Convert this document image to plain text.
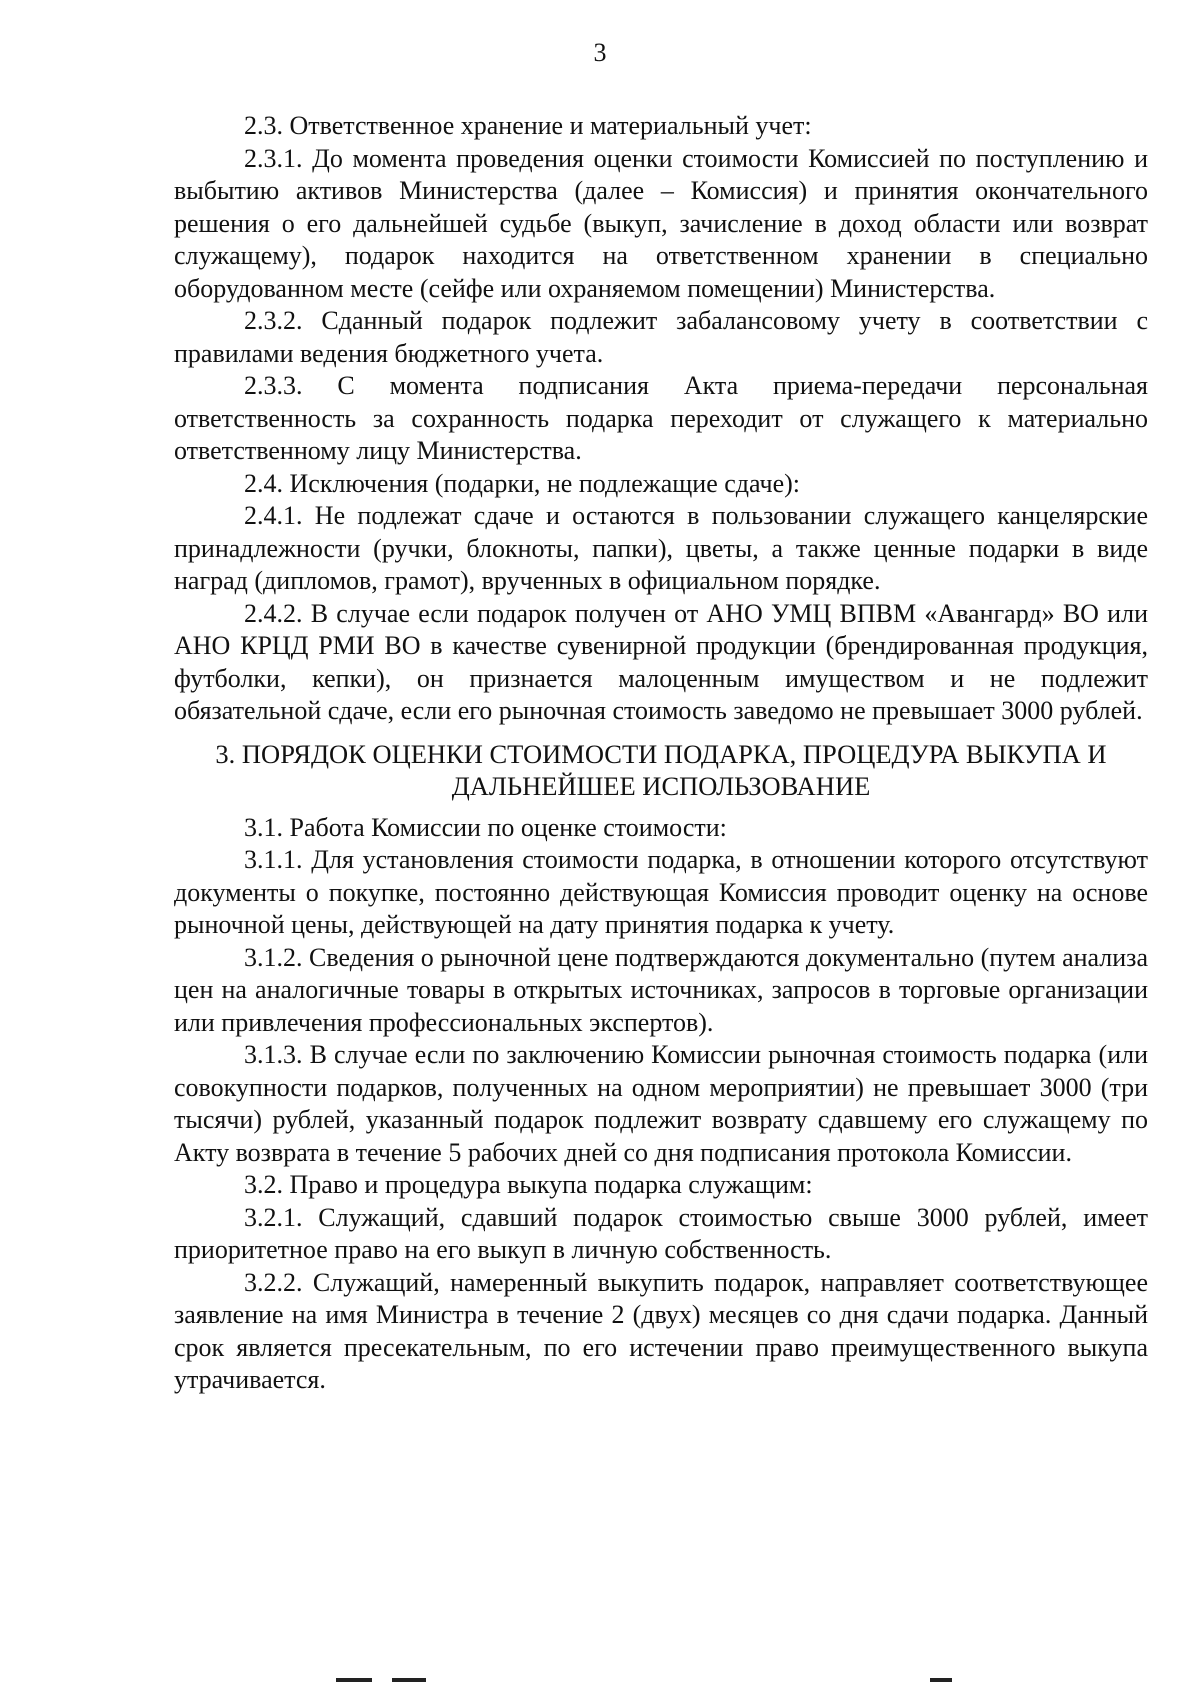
3

2.3. Ответственное хранение и материальный учет:

2.3.1. До момента проведения оценки стоимости Комиссией по поступлению и выбытию активов Министерства (далее – Комиссия) и принятия окончательного решения о его дальнейшей судьбе (выкуп, зачисление в доход области или возврат служащему), подарок находится на ответственном хранении в специально оборудованном месте (сейфе или охраняемом помещении) Министерства.

2.3.2. Сданный подарок подлежит забалансовому учету в соответствии с правилами ведения бюджетного учета.

2.3.3. С момента подписания Акта приема-передачи персональная ответственность за сохранность подарка переходит от служащего к материально ответственному лицу Министерства.

2.4. Исключения (подарки, не подлежащие сдаче):

2.4.1. Не подлежат сдаче и остаются в пользовании служащего канцелярские принадлежности (ручки, блокноты, папки), цветы, а также ценные подарки в виде наград (дипломов, грамот), врученных в официальном порядке.

2.4.2. В случае если подарок получен от АНО УМЦ ВПВМ «Авангард» ВО или АНО КРЦД РМИ ВО в качестве сувенирной продукции (брендированная продукция, футболки, кепки), он признается малоценным имуществом и не подлежит обязательной сдаче, если его рыночная стоимость заведомо не превышает 3000 рублей.

3. ПОРЯДОК ОЦЕНКИ СТОИМОСТИ ПОДАРКА, ПРОЦЕДУРА ВЫКУПА И
ДАЛЬНЕЙШЕЕ ИСПОЛЬЗОВАНИЕ

3.1. Работа Комиссии по оценке стоимости:

3.1.1. Для установления стоимости подарка, в отношении которого отсутствуют документы о покупке, постоянно действующая Комиссия проводит оценку на основе рыночной цены, действующей на дату принятия подарка к учету.

3.1.2. Сведения о рыночной цене подтверждаются документально (путем анализа цен на аналогичные товары в открытых источниках, запросов в торговые организации или привлечения профессиональных экспертов).

3.1.3. В случае если по заключению Комиссии рыночная стоимость подарка (или совокупности подарков, полученных на одном мероприятии) не превышает 3000 (три тысячи) рублей, указанный подарок подлежит возврату сдавшему его служащему по Акту возврата в течение 5 рабочих дней со дня подписания протокола Комиссии.

3.2. Право и процедура выкупа подарка служащим:

3.2.1. Служащий, сдавший подарок стоимостью свыше 3000 рублей, имеет приоритетное право на его выкуп в личную собственность.

3.2.2. Служащий, намеренный выкупить подарок, направляет соответствующее заявление на имя Министра в течение 2 (двух) месяцев со дня сдачи подарка. Данный срок является пресекательным, по его истечении право преимущественного выкупа утрачивается.
